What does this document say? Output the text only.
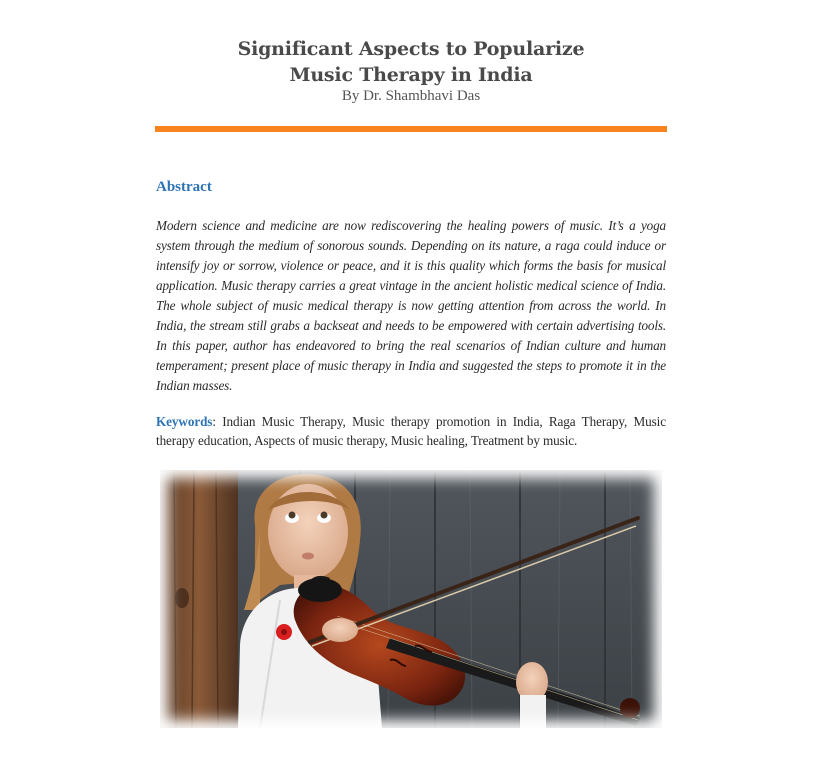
Significant Aspects to Popularize
Music Therapy in India
By Dr. Shambhavi Das
Abstract
Modern science and medicine are now rediscovering the healing powers of music. It’s a yoga system through the medium of sonorous sounds. Depending on its nature, a raga could induce or intensify joy or sorrow, violence or peace, and it is this quality which forms the basis for musical application. Music therapy carries a great vintage in the ancient holistic medical science of India. The whole subject of music medical therapy is now getting attention from across the world. In India, the stream still grabs a backseat and needs to be empowered with certain advertising tools. In this paper, author has endeavored to bring the real scenarios of Indian culture and human temperament; present place of music therapy in India and suggested the steps to promote it in the Indian masses.
Keywords: Indian Music Therapy, Music therapy promotion in India, Raga Therapy, Music therapy education, Aspects of music therapy, Music healing, Treatment by music.
